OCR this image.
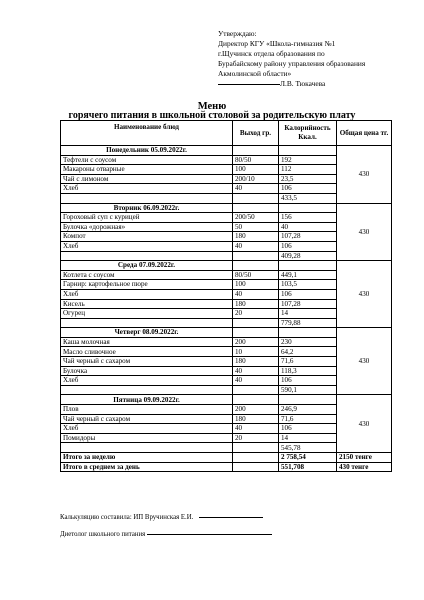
Утверждаю:
Директор КГУ «Школа-гимназия №1
г.Щучинск отдела образования по
Бурабайскому району управления образования
Акмолинской области»
Л.В. Тюкачева
Меню
горячего питания в школьной столовой за родительскую плату
Наименование блюд	Выход гр.	Калорийность Ккал.	Общая цена тг.
Понедельник 05.09.2022г.			430
Тефтели с соусом	80/50	192	
Макароны отварные	100	112	
Чай с лимоном	200/10	23,5	
Хлеб	40	106	
		433,5	
Вторник 06.09.2022г.			430
Гороховый суп с курицей	200/50	156	
Булочка «дорожная»	50	40	
Компот	180	107,28	
Хлеб	40	106	
		409,28	
Среда 07.09.2022г.			430
Котлета с соусом	80/50	449,1	
Гарнир: картофельное пюре	100	103,5	
Хлеб	40	106	
Кисель	180	107,28	
Огурец	20	14	
		779,88	
Четверг 08.09.2022г.			430
Каша молочная	200	230	
Масло сливочное	10	64,2	
Чай черный с сахаром	180	71,6	
Булочка	40	118,3	
Хлеб	40	106	
		590,1	
Пятница 09.09.2022г.			430
Плов	200	246,9	
Чай черный с сахаром	180	71,6	
Хлеб	40	106	
Помидоры	20	14	
		545,78	
Итого за неделю		2 758,54	2150 тенге
Итого в среднем за день		551,708	430 тенге
Калькуляцию составила: ИП Вручинская Е.И.
Диетолог школьного питания
